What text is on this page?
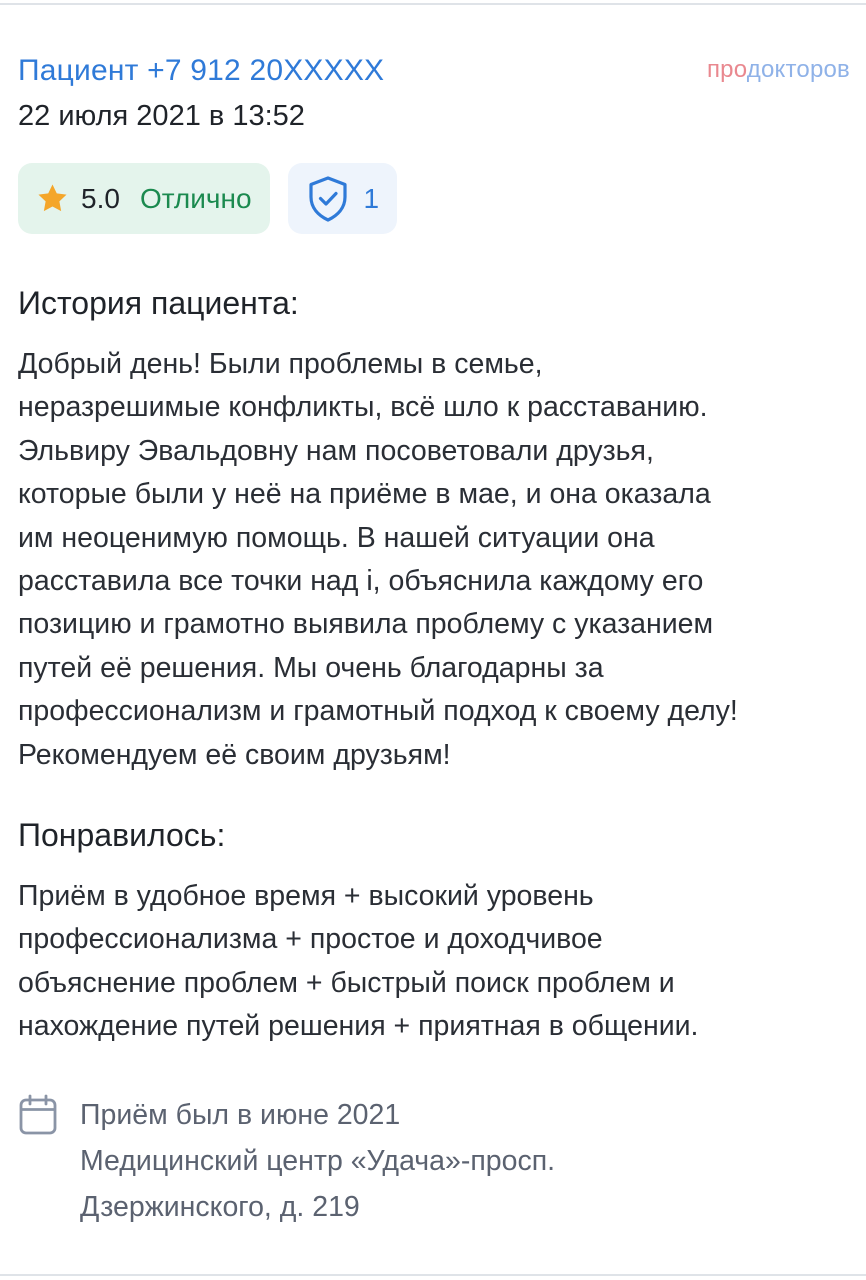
Пациент +7 912 20XXXXX
22 июля 2021 в 13:52
продокторов
5.0 Отлично	1
История пациента:
Добрый день! Были проблемы в семье,
неразрешимые конфликты, всё шло к расставанию.
Эльвиру Эвальдовну нам посоветовали друзья,
которые были у неё на приёме в мае, и она оказала
им неоценимую помощь. В нашей ситуации она
расставила все точки над i, объяснила каждому его
позицию и грамотно выявила проблему с указанием
путей её решения. Мы очень благодарны за
профессионализм и грамотный подход к своему делу!
Рекомендуем её своим друзьям!
Понравилось:
Приём в удобное время + высокий уровень
профессионализма + простое и доходчивое
объяснение проблем + быстрый поиск проблем и
нахождение путей решения + приятная в общении.
Приём был в июне 2021
Медицинский центр «Удача»-просп.
Дзержинского, д. 219
